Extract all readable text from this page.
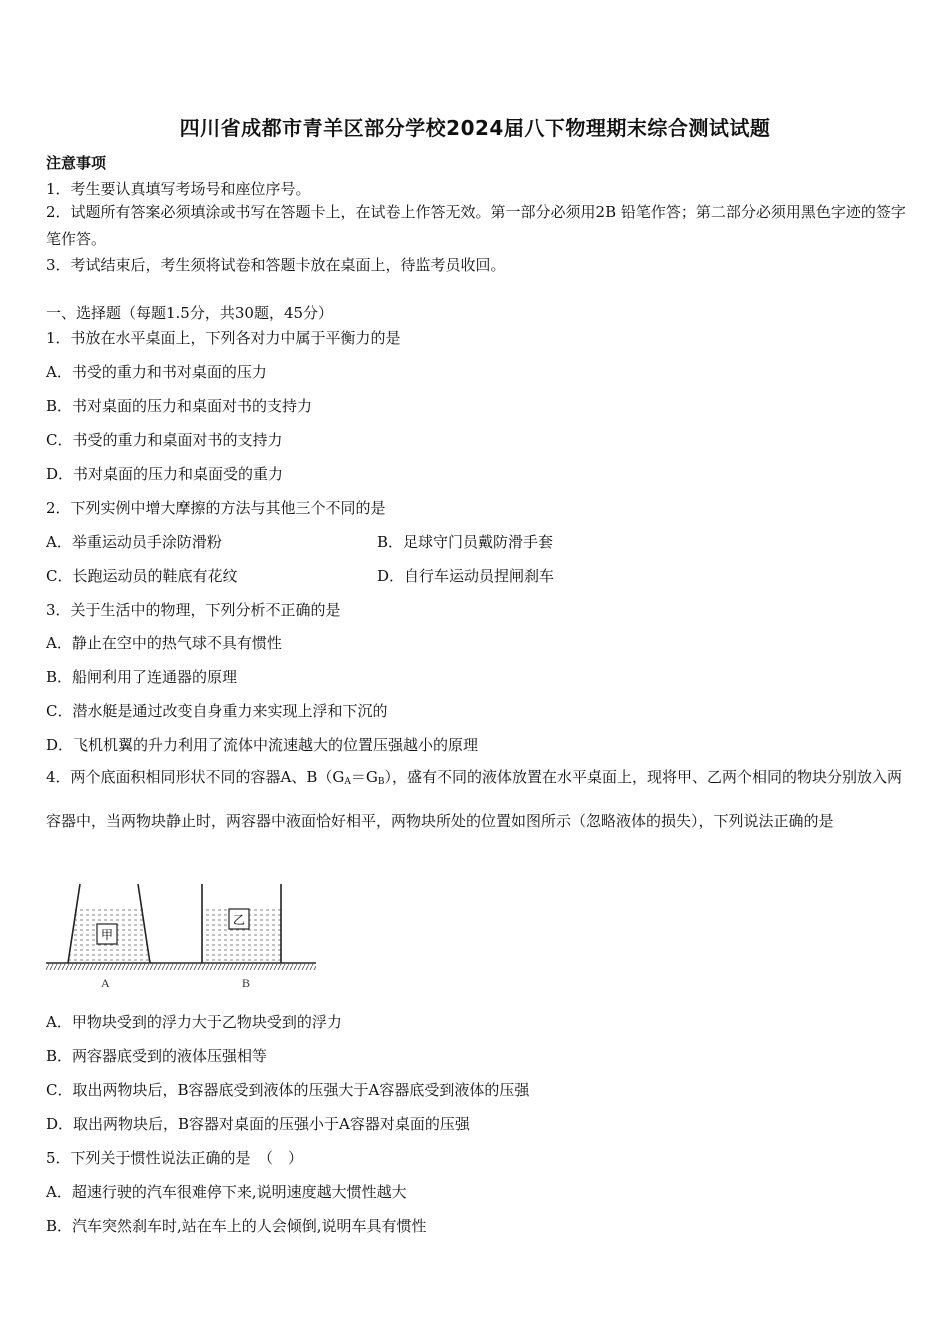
四川省成都市青羊区部分学校2024届八下物理期末综合测试试题
注意事项
1．考生要认真填写考场号和座位序号。
2．试题所有答案必须填涂或书写在答题卡上，在试卷上作答无效。第一部分必须用2B 铅笔作答；第二部分必须用黑色字迹的签字笔作答。
3．考试结束后，考生须将试卷和答题卡放在桌面上，待监考员收回。
一、选择题（每题1.5分，共30题，45分）
1．书放在水平桌面上，下列各对力中属于平衡力的是
A．书受的重力和书对桌面的压力
B．书对桌面的压力和桌面对书的支持力
C．书受的重力和桌面对书的支持力
D．书对桌面的压力和桌面受的重力
2．下列实例中增大摩擦的方法与其他三个不同的是
A．举重运动员手涂防滑粉	B．足球守门员戴防滑手套
C．长跑运动员的鞋底有花纹	D．自行车运动员捏闸刹车
3．关于生活中的物理，下列分析不正确的是
A．静止在空中的热气球不具有惯性
B．船闸利用了连通器的原理
C．潜水艇是通过改变自身重力来实现上浮和下沉的
D．飞机机翼的升力利用了流体中流速越大的位置压强越小的原理
4．两个底面积相同形状不同的容器A、$B(G_A=G_B)$，盛有不同的液体放置在水平桌面上，现将甲、乙两个相同的物块分别放入两容器中，当两物块静止时，两容器中液面恰好相平，两物块所处的位置如图所示（忽略液体的损失），下列说法正确的是
甲
乙
A	B
A．甲物块受到的浮力大于乙物块受到的浮力
B．两容器底受到的液体压强相等
C．取出两物块后，B容器底受到液体的压强大于A容器底受到液体的压强
D．取出两物块后，B容器对桌面的压强小于A容器对桌面的压强
5．下列关于惯性说法正确的是　（　）
A．超速行驶的汽车很难停下来,说明速度越大惯性越大
B．汽车突然刹车时,站在车上的人会倾倒,说明车具有惯性
